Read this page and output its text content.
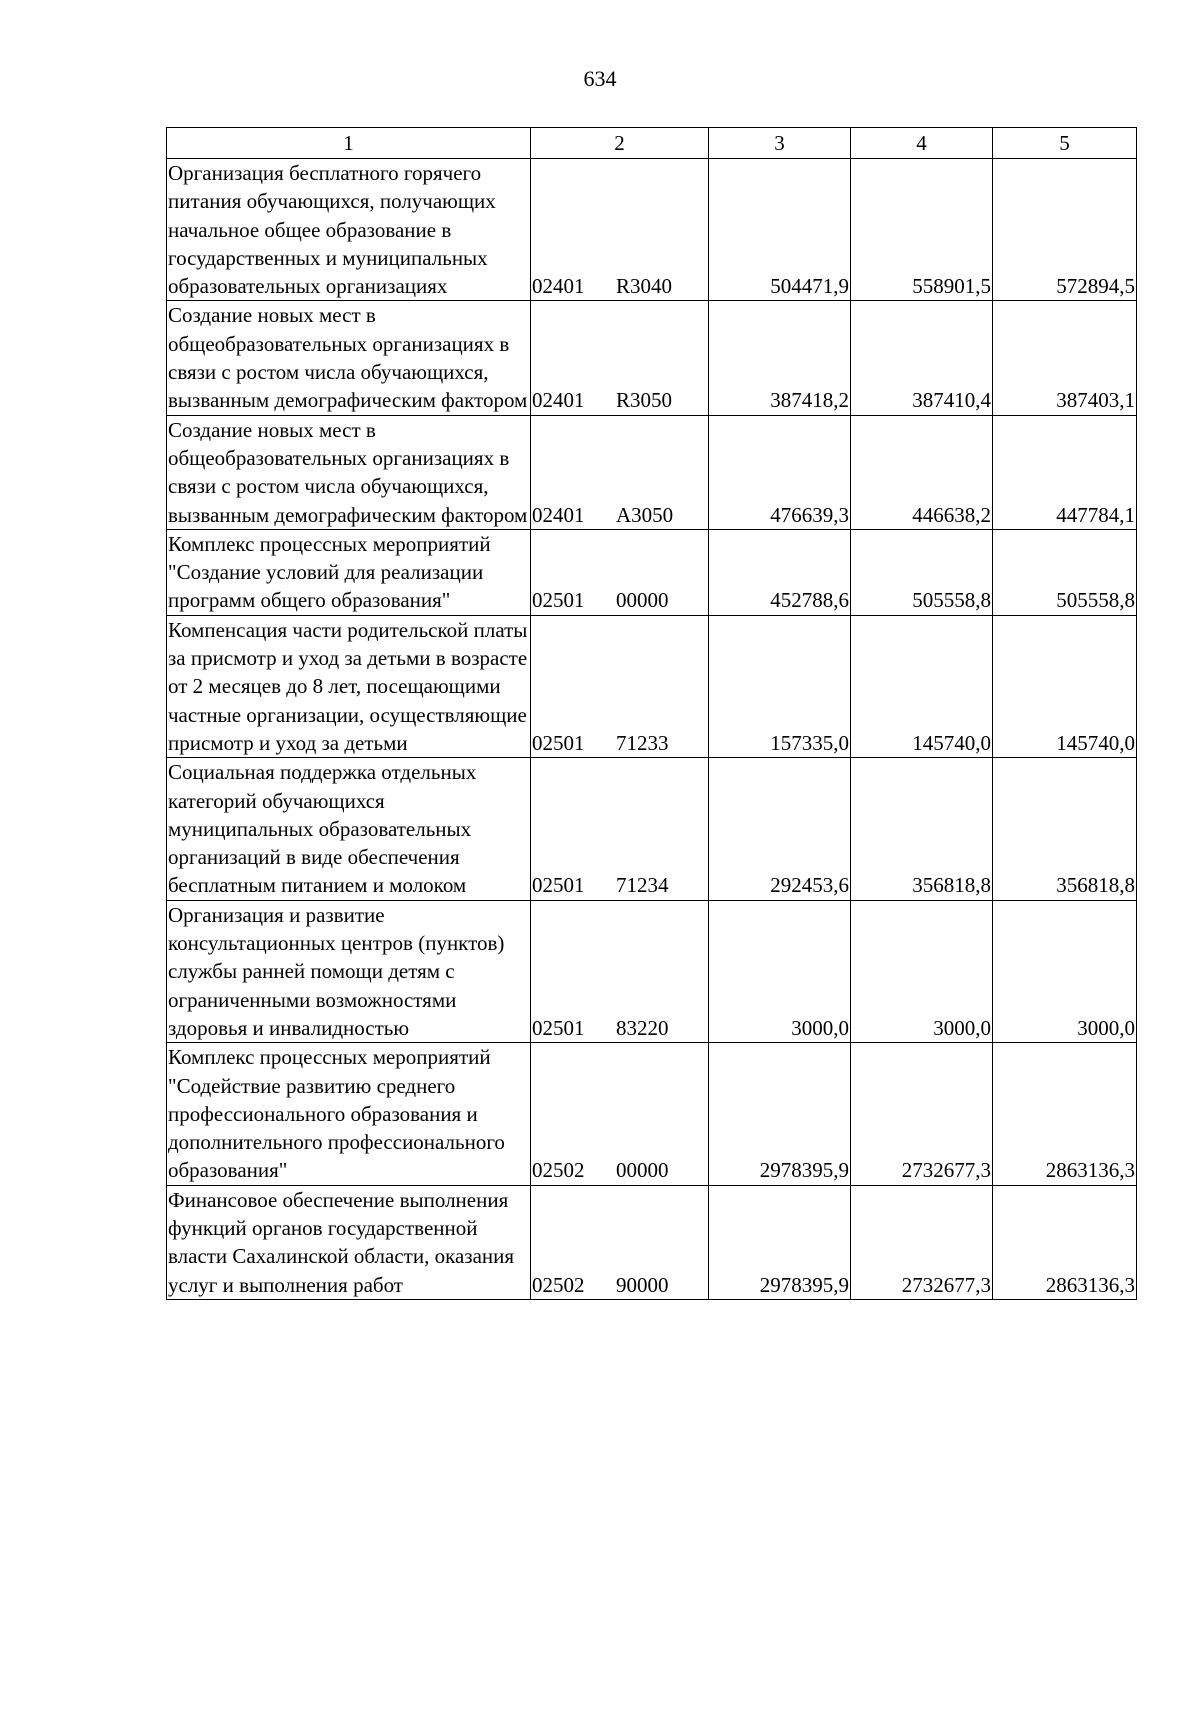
634
1	2	3	4	5
Организация бесплатного горячего питания обучающихся, получающих начальное общее образование в государственных и муниципальных образовательных организациях	02401 R3040	504471,9	558901,5	572894,5
Создание новых мест в общеобразовательных организациях в связи с ростом числа обучающихся, вызванным демографическим фактором	02401 R3050	387418,2	387410,4	387403,1
Создание новых мест в общеобразовательных организациях в связи с ростом числа обучающихся, вызванным демографическим фактором	02401 А3050	476639,3	446638,2	447784,1
Комплекс процессных мероприятий "Создание условий для реализации программ общего образования"	02501 00000	452788,6	505558,8	505558,8
Компенсация части родительской платы за присмотр и уход за детьми в возрасте от 2 месяцев до 8 лет, посещающими частные организации, осуществляющие присмотр и уход за детьми	02501 71233	157335,0	145740,0	145740,0
Социальная поддержка отдельных категорий обучающихся муниципальных образовательных организаций в виде обеспечения бесплатным питанием и молоком	02501 71234	292453,6	356818,8	356818,8
Организация и развитие консультационных центров (пунктов) службы ранней помощи детям с ограниченными возможностями здоровья и инвалидностью	02501 83220	3000,0	3000,0	3000,0
Комплекс процессных мероприятий "Содействие развитию среднего профессионального образования и дополнительного профессионального образования"	02502 00000	2978395,9	2732677,3	2863136,3
Финансовое обеспечение выполнения функций органов государственной власти Сахалинской области, оказания услуг и выполнения работ	02502 90000	2978395,9	2732677,3	2863136,3
